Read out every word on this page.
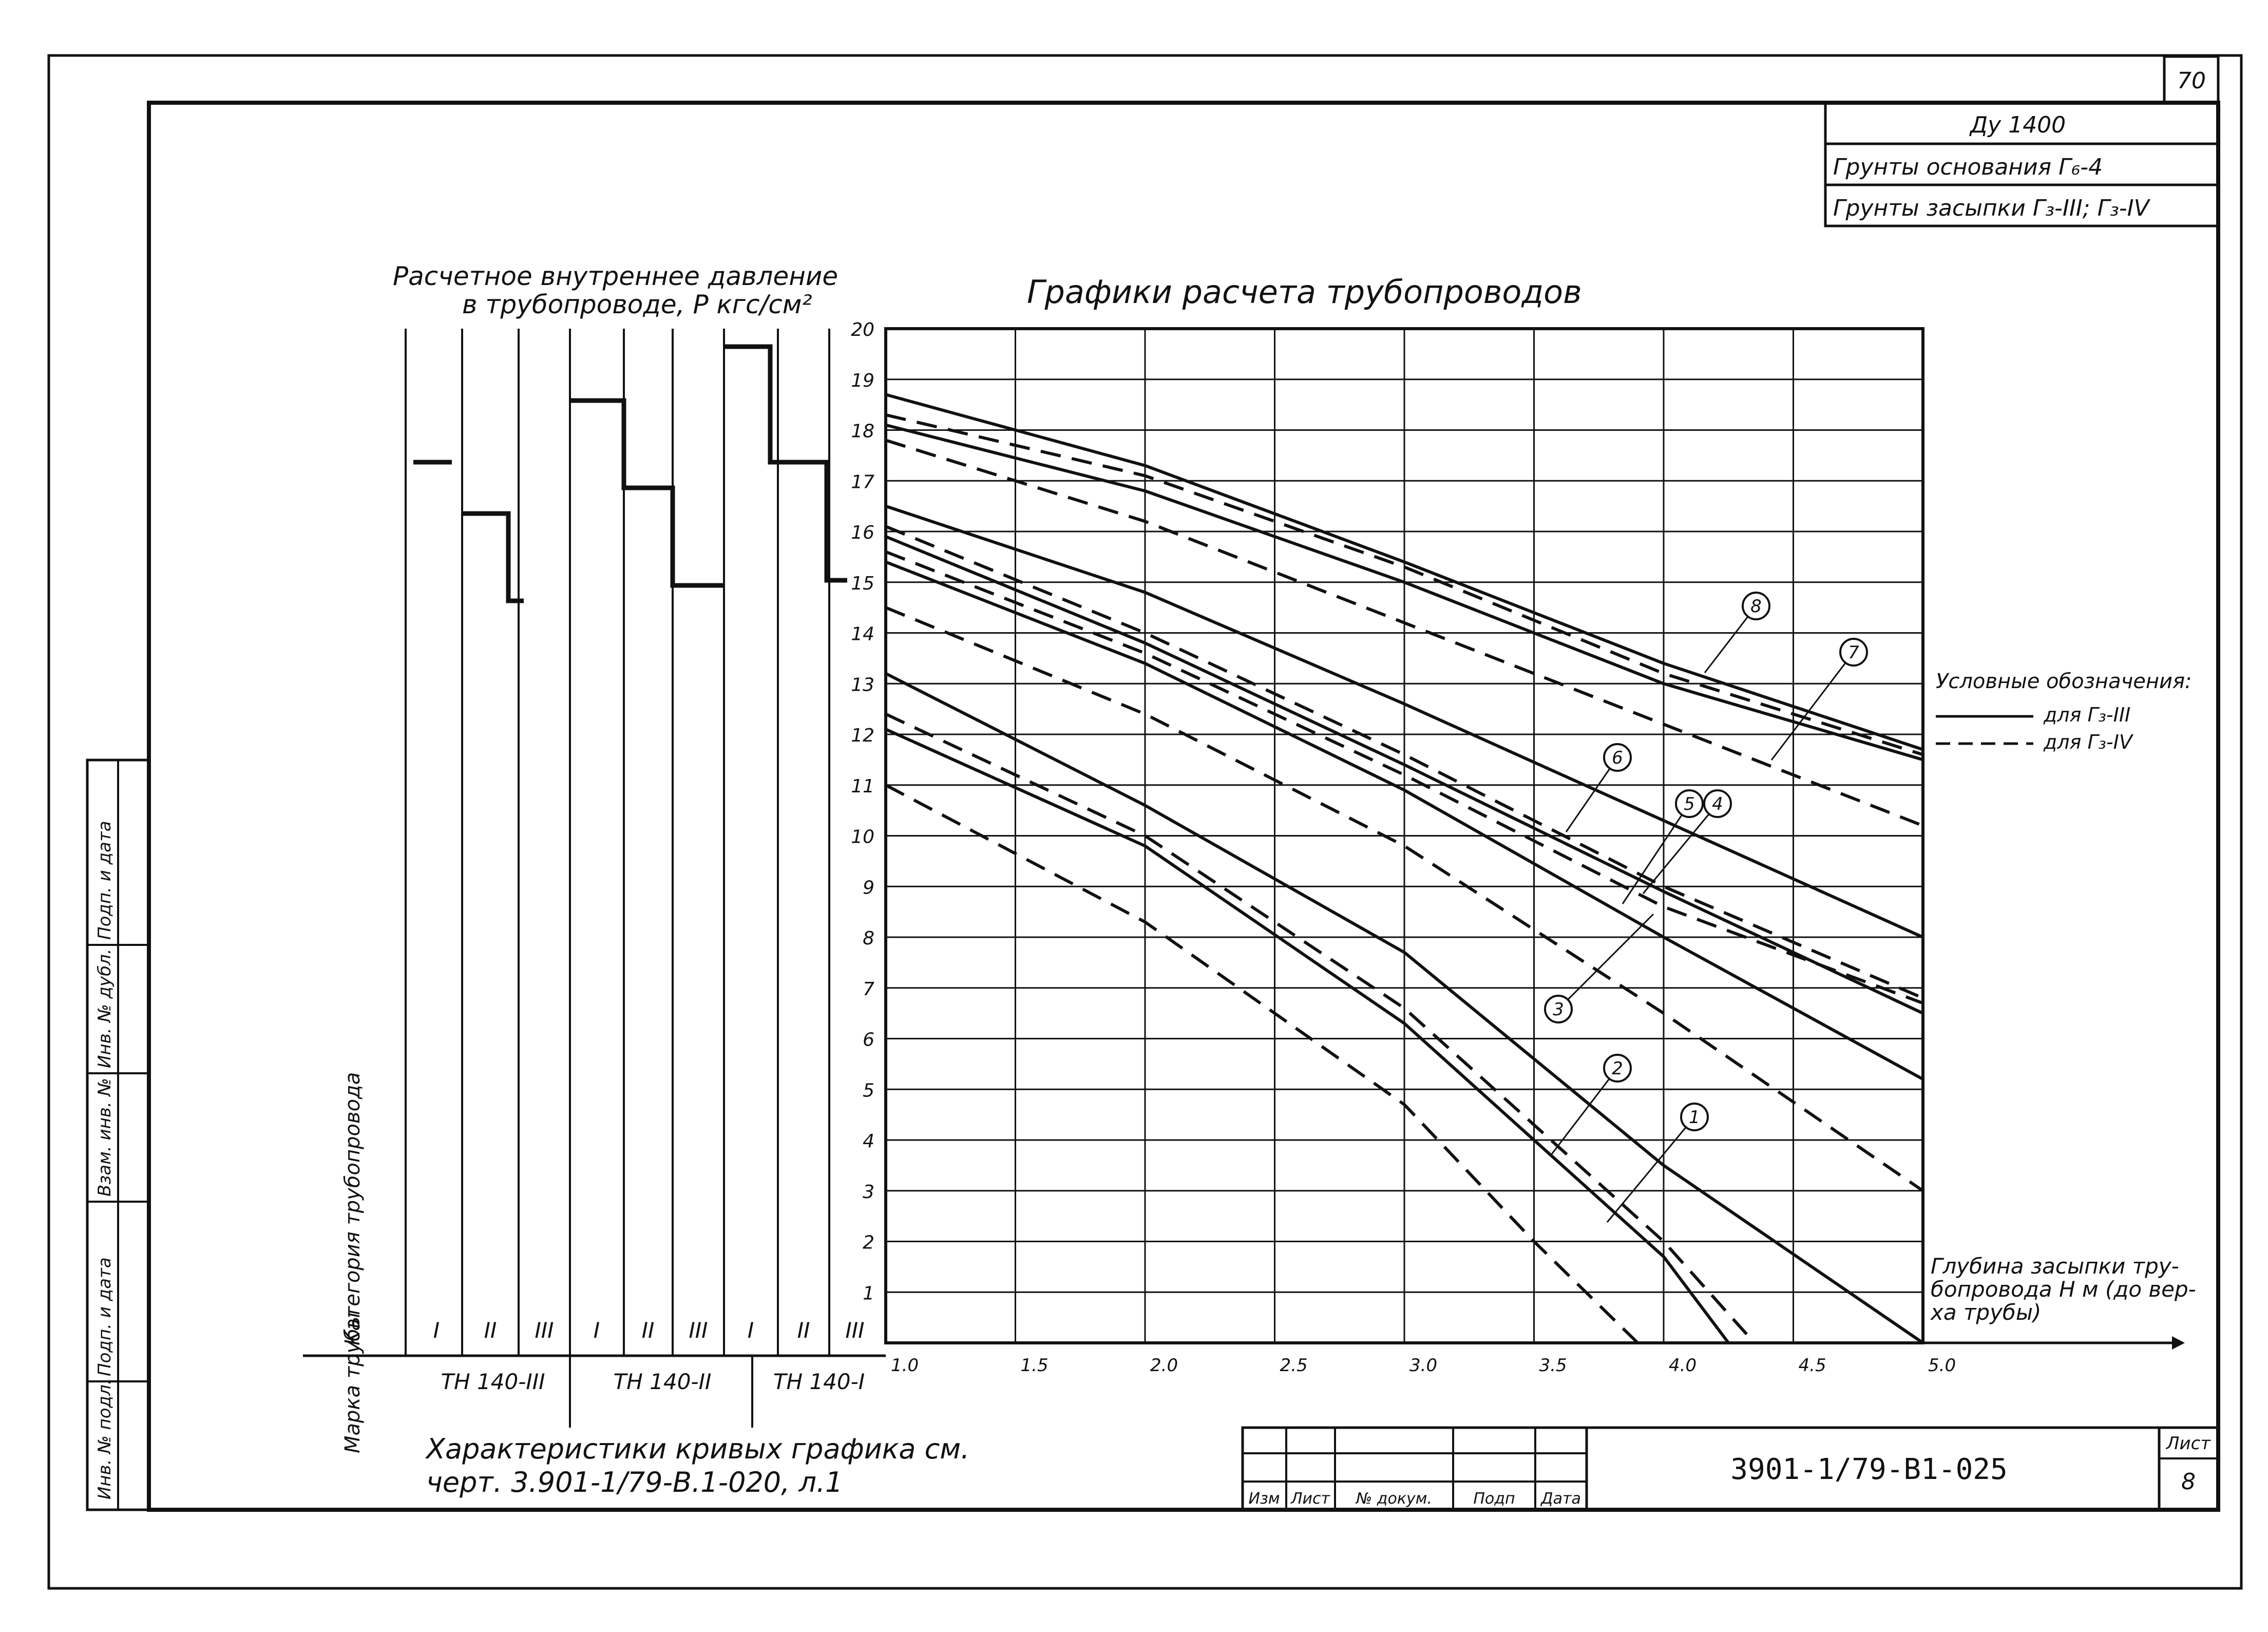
70
Ду 1400
Грунты основания Г₆-4
Грунты засыпки Г₃-III; Г₃-IV
Инв. № подл.
Подп. и дата
Взам. инв. №
Инв. № дубл.
Подп. и дата
Расчетное внутреннее давление
в трубопроводе, P кгс/см²
I II III I II III I II III
ТН 140-III	ТН 140-II	ТН 140-I
Категория трубопровода
Марка трубы
Графики расчета трубопроводов
1
2
3
4
5
6
7
8
9
10
11
12
13
14
15
16
17
18
19
20
1.0	1.5	2.0	2.5	3.0	3.5	4.0	4.5	5.0
Глубина засыпки тру-
бопровода H м (до вер-
ха трубы)
1
2
3
4
5
6
7
8
Условные обозначения:
для Г₃-III
для Г₃-IV
Характеристики кривых графика см.
черт. 3.901-1/79-В.1-020, л.1
Изм Лист № докум.	Подп Дата
3901-1/79-В1-025
Лист
8
